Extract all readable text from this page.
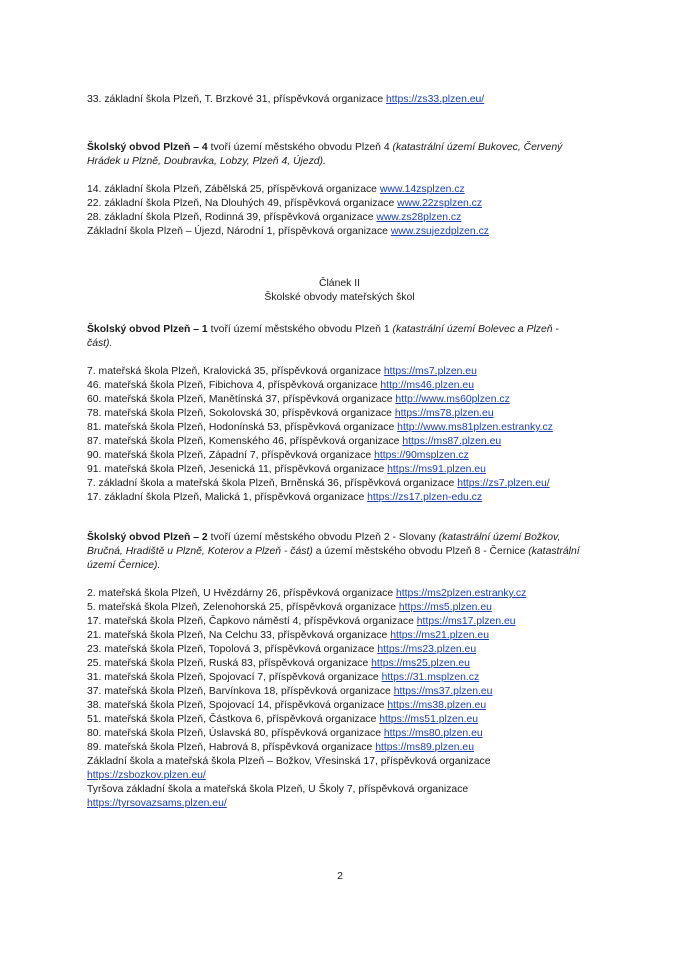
33. základní škola Plzeň, T. Brzkové 31, příspěvková organizace https://zs33.plzen.eu/
Školský obvod Plzeň – 4 tvoří území městského obvodu Plzeň 4 (katastrální území Bukovec, Červený Hrádek u Plzně, Doubravka, Lobzy, Plzeň 4, Újezd).
14. základní škola Plzeň, Zábělská 25, příspěvková organizace www.14zsplzen.cz
22. základní škola Plzeň, Na Dlouhých 49, příspěvková organizace www.22zsplzen.cz
28. základní škola Plzeň, Rodinná 39, příspěvková organizace www.zs28plzen.cz
Základní škola Plzeň – Újezd, Národní 1, příspěvková organizace www.zsujezdplzen.cz
Článek II
Školské obvody mateřských škol
Školský obvod Plzeň – 1 tvoří území městského obvodu Plzeň 1 (katastrální území Bolevec a Plzeň - část).
7. mateřská škola Plzeň, Kralovická 35, příspěvková organizace https://ms7.plzen.eu
46. mateřská škola Plzeň, Fibichova 4, příspěvková organizace http://ms46.plzen.eu
60. mateřská škola Plzeň, Manětínská 37, příspěvková organizace http://www.ms60plzen.cz
78. mateřská škola Plzeň, Sokolovská 30, příspěvková organizace https://ms78.plzen.eu
81. mateřská škola Plzeň, Hodonínská 53, příspěvková organizace http://www.ms81plzen.estranky.cz
87. mateřská škola Plzeň, Komenského 46, příspěvková organizace https://ms87.plzen.eu
90. mateřská škola Plzeň, Západní 7, příspěvková organizace https://90msplzen.cz
91. mateřská škola Plzeň, Jesenická 11, příspěvková organizace https://ms91.plzen.eu
7. základní škola a mateřská škola Plzeň, Brněnská 36, příspěvková organizace https://zs7.plzen.eu/
17. základní škola Plzeň, Malická 1, příspěvková organizace https://zs17.plzen-edu.cz
Školský obvod Plzeň – 2 tvoří území městského obvodu Plzeň 2 - Slovany (katastrální území Božkov, Bručná, Hradiště u Plzně, Koterov a Plzeň - část) a území městského obvodu Plzeň 8 - Černice (katastrální území Černice).
2. mateřská škola Plzeň, U Hvězdárny 26, příspěvková organizace https://ms2plzen.estranky.cz
5. mateřská škola Plzeň, Zelenohorská 25, příspěvková organizace https://ms5.plzen.eu
17. mateřská škola Plzeň, Čapkovo náměstí 4, příspěvková organizace https://ms17.plzen.eu
21. mateřská škola Plzeň, Na Celchu 33, příspěvková organizace https://ms21.plzen.eu
23. mateřská škola Plzeň, Topolová 3, příspěvková organizace https://ms23.plzen.eu
25. mateřská škola Plzeň, Ruská 83, příspěvková organizace https://ms25.plzen.eu
31. mateřská škola Plzeň, Spojovací 7, příspěvková organizace https://31.msplzen.cz
37. mateřská škola Plzeň, Barvínkova 18, příspěvková organizace https://ms37.plzen.eu
38. mateřská škola Plzeň, Spojovací 14, příspěvková organizace https://ms38.plzen.eu
51. mateřská škola Plzeň, Částkova 6, příspěvková organizace https://ms51.plzen.eu
80. mateřská škola Plzeň, Úslavská 80, příspěvková organizace https://ms80.plzen.eu
89. mateřská škola Plzeň, Habrová 8, příspěvková organizace https://ms89.plzen.eu
Základní škola a mateřská škola Plzeň – Božkov, Vřesinská 17, příspěvková organizace
https://zsbozkov.plzen.eu/
Tyršova základní škola a mateřská škola Plzeň, U Školy 7, příspěvková organizace
https://tyrsovazsams.plzen.eu/
2
